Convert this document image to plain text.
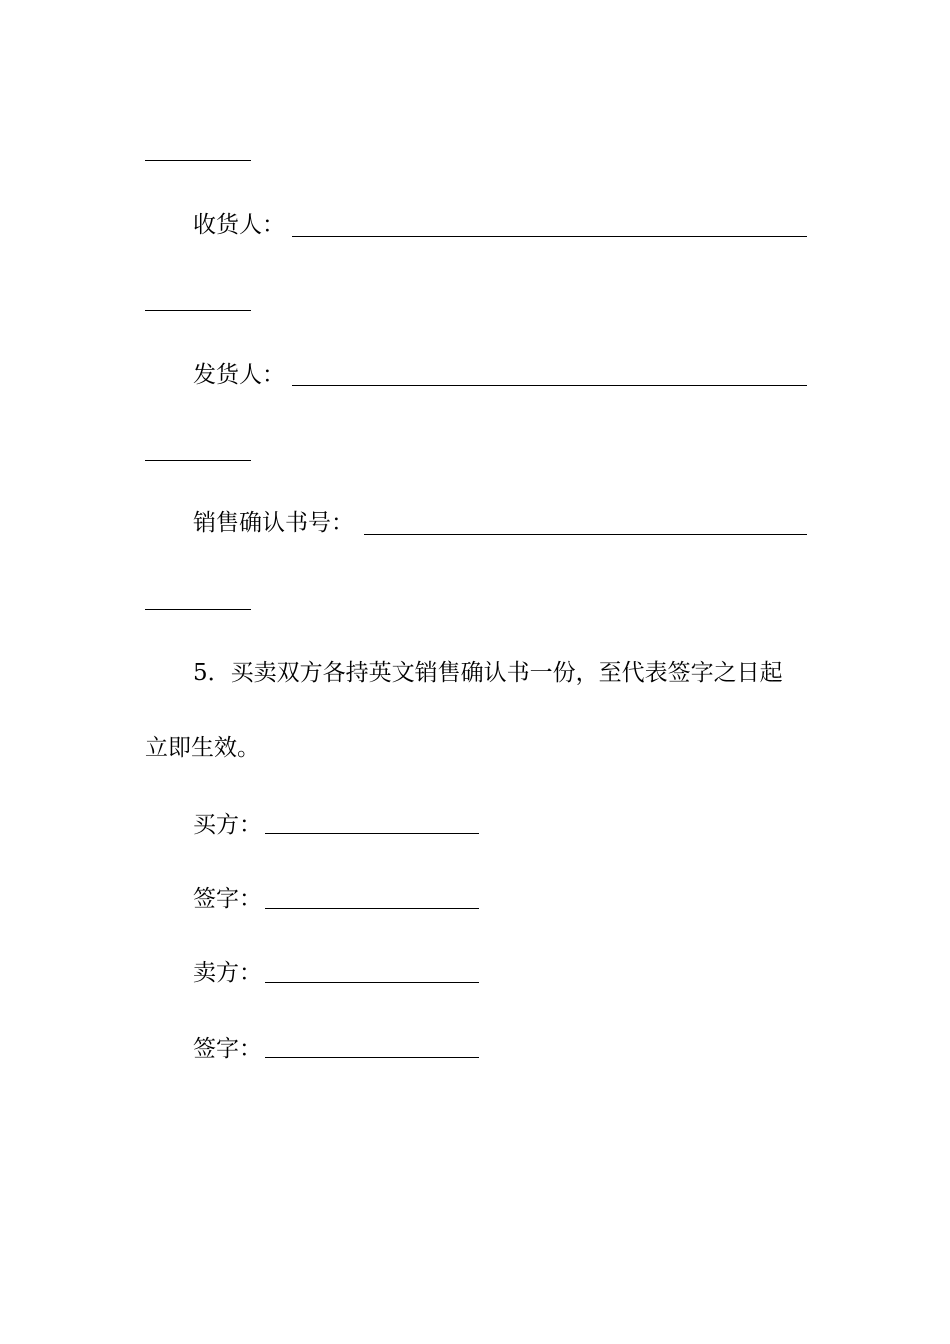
收货人：
发货人：
销售确认书号：
5．买卖双方各持英文销售确认书一份，至代表签字之日起
立即生效。
买方：
签字：
卖方：
签字：
